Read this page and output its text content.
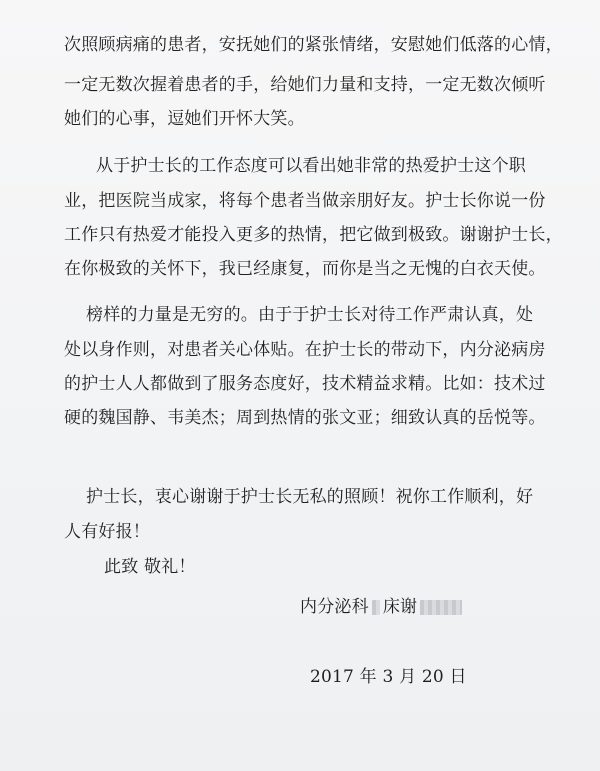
次照顾病痛的患者，安抚她们的紧张情绪，安慰她们低落的心情，
一定无数次握着患者的手，给她们力量和支持，一定无数次倾听
她们的心事，逗她们开怀大笑。
从于护士长的工作态度可以看出她非常的热爱护士这个职
业，把医院当成家，将每个患者当做亲朋好友。护士长你说一份
工作只有热爱才能投入更多的热情，把它做到极致。谢谢护士长，
在你极致的关怀下，我已经康复，而你是当之无愧的白衣天使。
榜样的力量是无穷的。由于于护士长对待工作严肃认真，处
处以身作则，对患者关心体贴。在护士长的带动下，内分泌病房
的护士人人都做到了服务态度好，技术精益求精。比如：技术过
硬的魏国静、韦美杰；周到热情的张文亚；细致认真的岳悦等。
护士长，衷心谢谢于护士长无私的照顾！祝你工作顺利，好
人有好报！
此致 敬礼！
内分泌科 床谢
2017 年 3 月 20 日
